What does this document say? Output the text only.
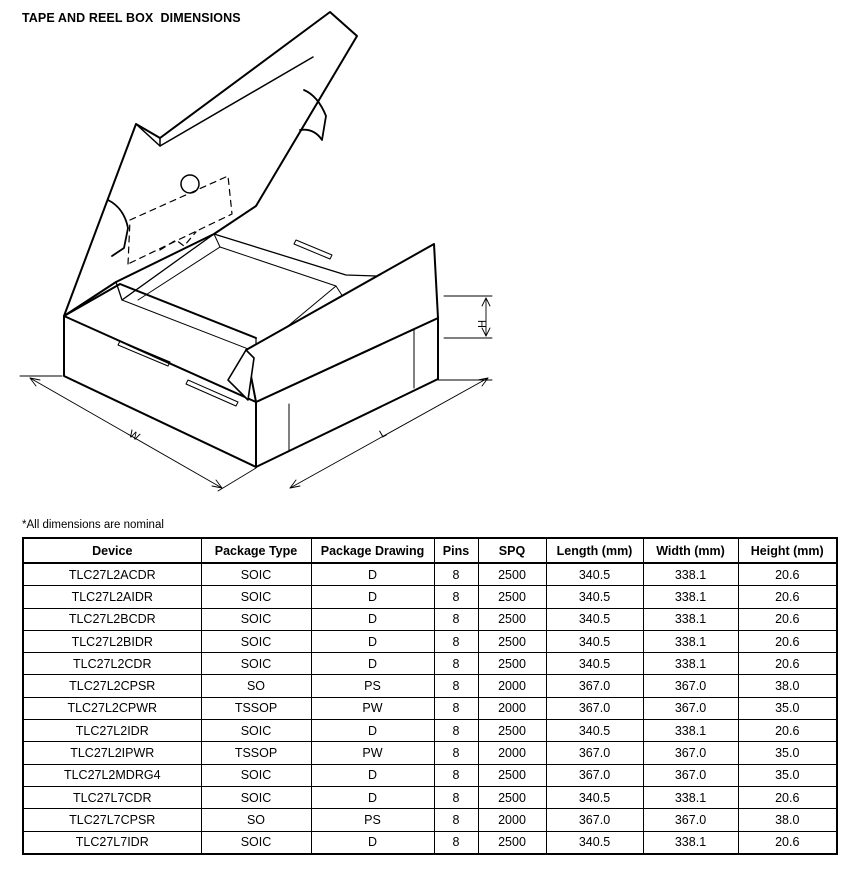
TAPE AND REEL BOX  DIMENSIONS
W	L
H
*All dimensions are nominal
Device	Package Type	Package Drawing	Pins	SPQ	Length (mm)	Width (mm)	Height (mm)
TLC27L2ACDR	SOIC	D	8	2500	340.5	338.1	20.6
TLC27L2AIDR	SOIC	D	8	2500	340.5	338.1	20.6
TLC27L2BCDR	SOIC	D	8	2500	340.5	338.1	20.6
TLC27L2BIDR	SOIC	D	8	2500	340.5	338.1	20.6
TLC27L2CDR	SOIC	D	8	2500	340.5	338.1	20.6
TLC27L2CPSR	SO	PS	8	2000	367.0	367.0	38.0
TLC27L2CPWR	TSSOP	PW	8	2000	367.0	367.0	35.0
TLC27L2IDR	SOIC	D	8	2500	340.5	338.1	20.6
TLC27L2IPWR	TSSOP	PW	8	2000	367.0	367.0	35.0
TLC27L2MDRG4	SOIC	D	8	2500	367.0	367.0	35.0
TLC27L7CDR	SOIC	D	8	2500	340.5	338.1	20.6
TLC27L7CPSR	SO	PS	8	2000	367.0	367.0	38.0
TLC27L7IDR	SOIC	D	8	2500	340.5	338.1	20.6
